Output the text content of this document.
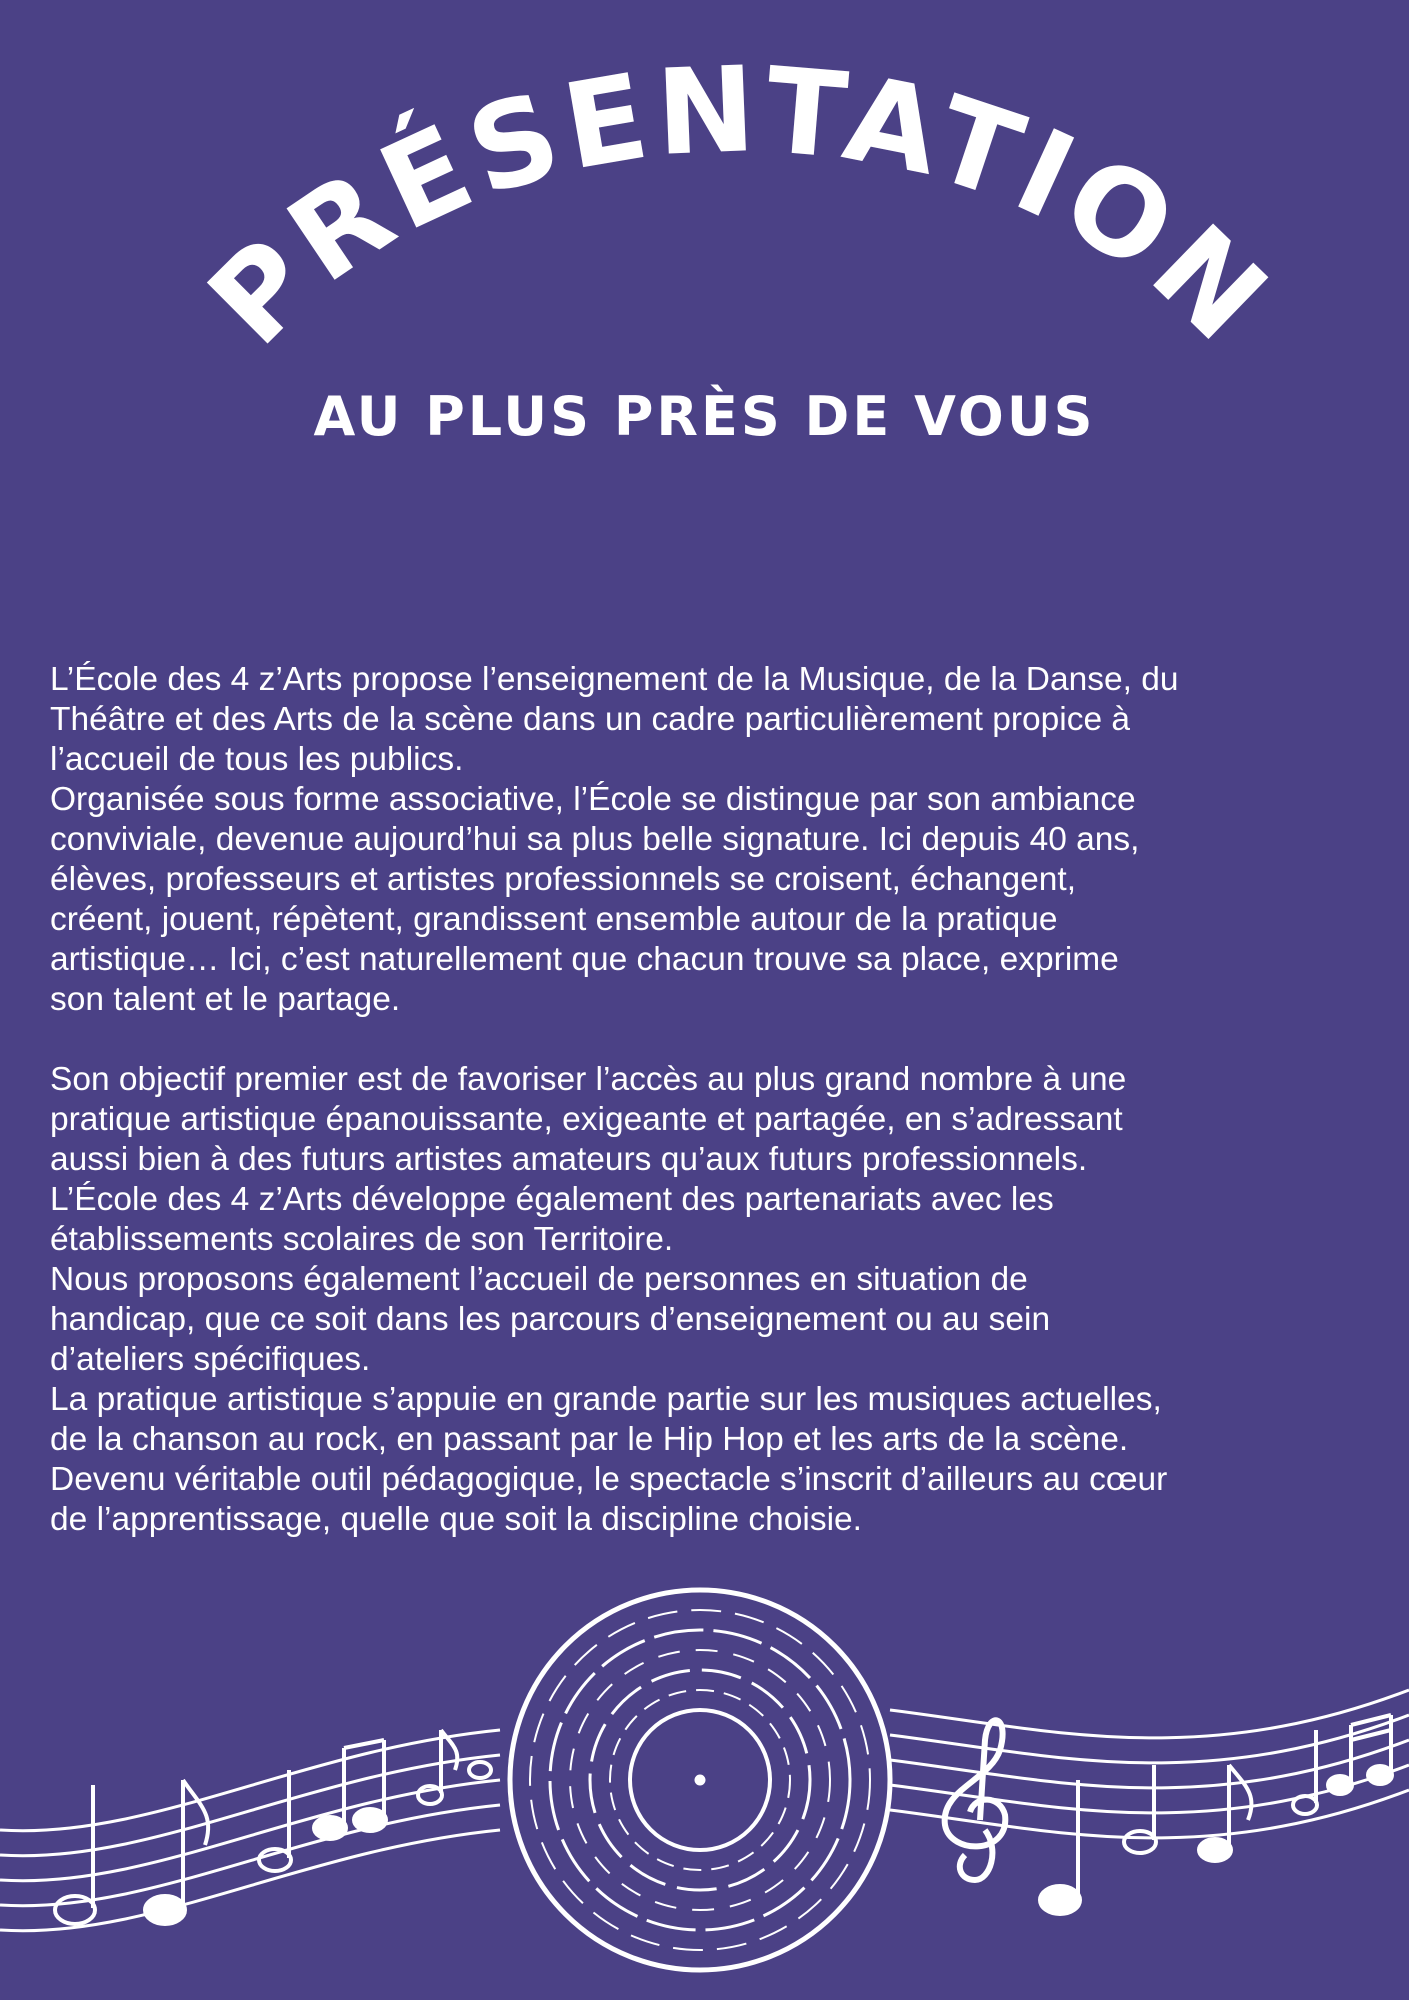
PRÉSENTATION
AU PLUS PRÈS DE VOUS

L’École des 4 z’Arts propose l’enseignement de la Musique, de la Danse, du
Théâtre et des Arts de la scène dans un cadre particulièrement propice à
l’accueil de tous les publics.
Organisée sous forme associative, l’École se distingue par son ambiance
conviviale, devenue aujourd’hui sa plus belle signature. Ici depuis 40 ans,
élèves, professeurs et artistes professionnels se croisent, échangent,
créent, jouent, répètent, grandissent ensemble autour de la pratique
artistique… Ici, c’est naturellement que chacun trouve sa place, exprime
son talent et le partage.

Son objectif premier est de favoriser l’accès au plus grand nombre à une
pratique artistique épanouissante, exigeante et partagée, en s’adressant
aussi bien à des futurs artistes amateurs qu’aux futurs professionnels.
L’École des 4 z’Arts développe également des partenariats avec les
établissements scolaires de son Territoire.
Nous proposons également l’accueil de personnes en situation de
handicap, que ce soit dans les parcours d’enseignement ou au sein
d’ateliers spécifiques.
La pratique artistique s’appuie en grande partie sur les musiques actuelles,
de la chanson au rock, en passant par le Hip Hop et les arts de la scène.
Devenu véritable outil pédagogique, le spectacle s’inscrit d’ailleurs au cœur
de l’apprentissage, quelle que soit la discipline choisie.
